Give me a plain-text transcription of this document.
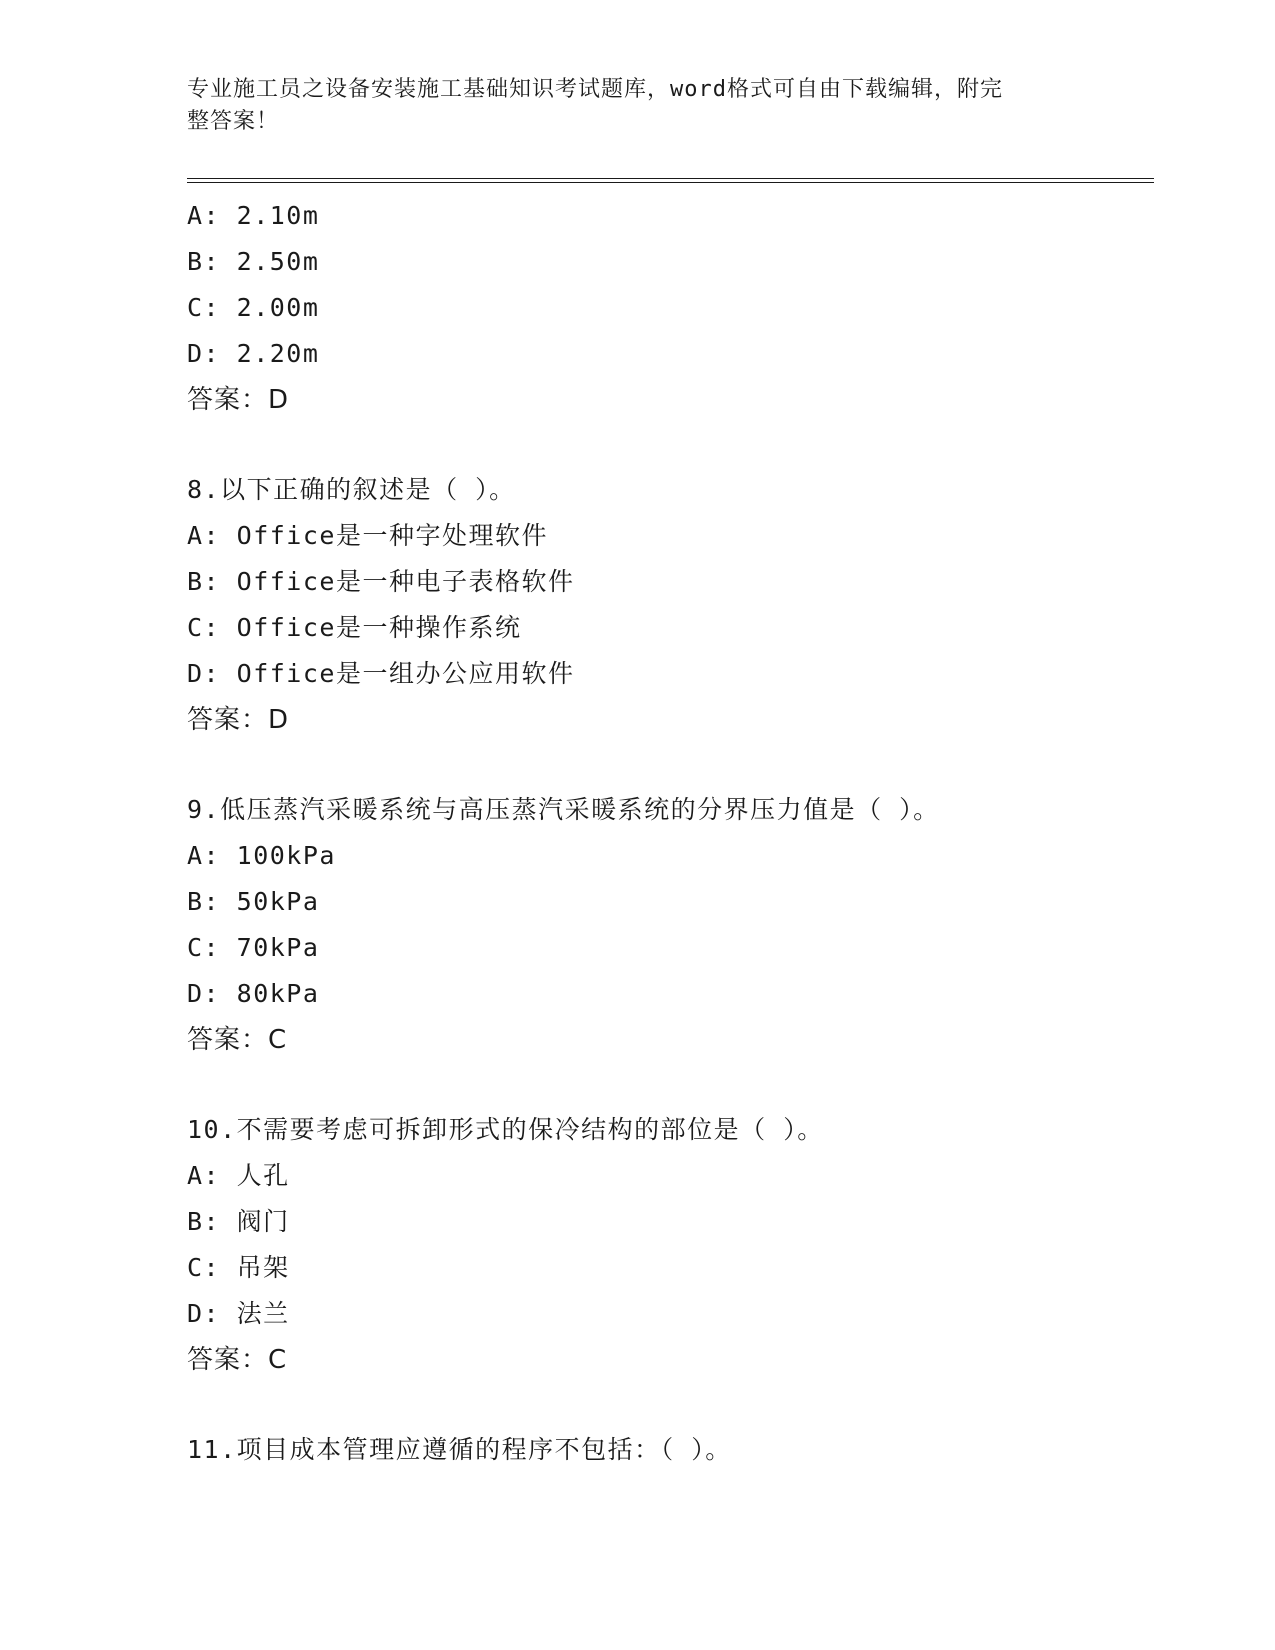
专业施工员之设备安装施工基础知识考试题库，word格式可自由下载编辑，附完
整答案！
A: 2.10m
B: 2.50m
C: 2.00m
D: 2.20m
答案：D
8.以下正确的叙述是（ ）。
A: Office是一种字处理软件
B: Office是一种电子表格软件
C: Office是一种操作系统
D: Office是一组办公应用软件
答案：D
9.低压蒸汽采暖系统与高压蒸汽采暖系统的分界压力值是（ ）。
A: 100kPa
B: 50kPa
C: 70kPa
D: 80kPa
答案：C
10.不需要考虑可拆卸形式的保冷结构的部位是（ ）。
A: 人孔
B: 阀门
C: 吊架
D: 法兰
答案：C
11.项目成本管理应遵循的程序不包括：（ ）。
